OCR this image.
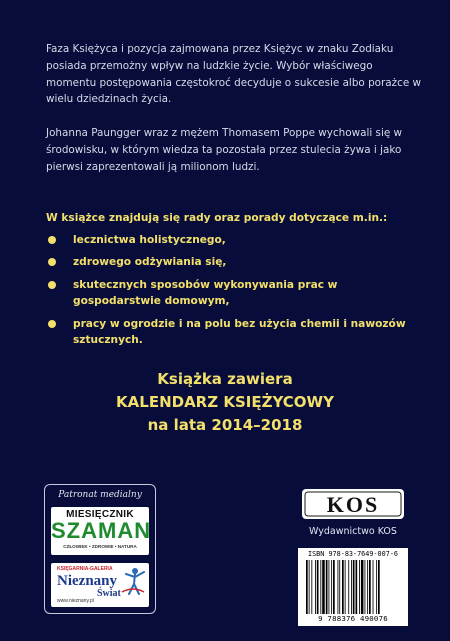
Faza Księżyca i pozycja zajmowana przez Księżyc w znaku Zodiaku posiada przemożny wpływ na ludzkie życie. Wybór właściwego momentu postępowania częstokroć decyduje o sukcesie albo porażce w wielu dziedzinach życia.

Johanna Paungger wraz z mężem Thomasem Poppe wychowali się w środowisku, w którym wiedza ta pozostała przez stulecia żywa i jako pierwsi zaprezentowali ją milionom ludzi.

W książce znajdują się rady oraz porady dotyczące m.in.:

lecznictwa holistycznego,
zdrowego odżywiania się,
skutecznych sposobów wykonywania prac w gospodarstwie domowym,
pracy w ogrodzie i na polu bez użycia chemii i nawozów sztucznych.
Książka zawiera
KALENDARZ KSIĘŻYCOWY
na lata 2014–2018
Patronat medialny
MIESIĘCZNIK
SZAMAN
CZŁOWIEK • ZDROWIE • NATURA
KSIĘGARNIA-GALERIA
Nieznany
Świat
www.nieznany.pl
KOS
Wydawnictwo KOS
ISBN 978-83-7649-007-6
9 788376 490076
